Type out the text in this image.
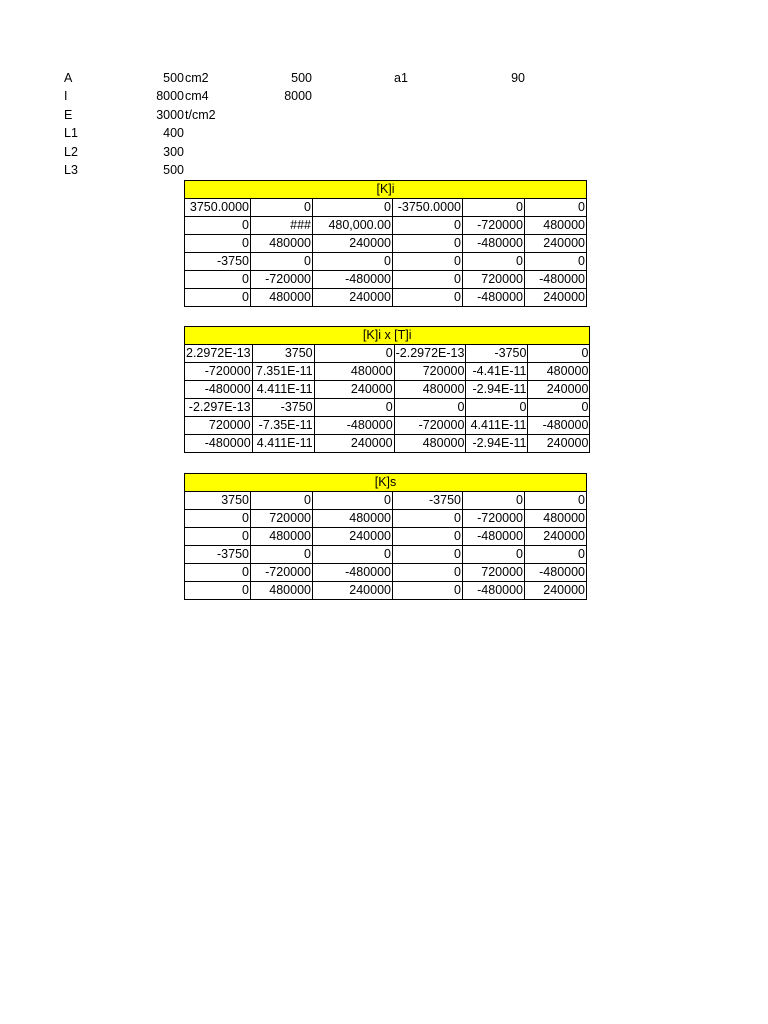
A	500 cm2	500	a1	90
I	8000 cm4	8000
E	3000 t/cm2
L1	400
L2	300
L3	500
[K]i					
3750.0000	0	0	-3750.0000	0	0
0	###	480,000.00	0	-720000	480000
0	480000	240000	0	-480000	240000
-3750	0	0	0	0	0
0	-720000	-480000	0	720000	-480000
0	480000	240000	0	-480000	240000
[K]i x [T]i					
2.2972E-13	3750	0	-2.2972E-13	-3750	0
-720000	7.351E-11	480000	720000	-4.41E-11	480000
-480000	4.411E-11	240000	480000	-2.94E-11	240000
-2.297E-13	-3750	0	0	0	0
720000	-7.35E-11	-480000	-720000	4.411E-11	-480000
-480000	4.411E-11	240000	480000	-2.94E-11	240000
[K]s					
3750	0	0	-3750	0	0
0	720000	480000	0	-720000	480000
0	480000	240000	0	-480000	240000
-3750	0	0	0	0	0
0	-720000	-480000	0	720000	-480000
0	480000	240000	0	-480000	240000
